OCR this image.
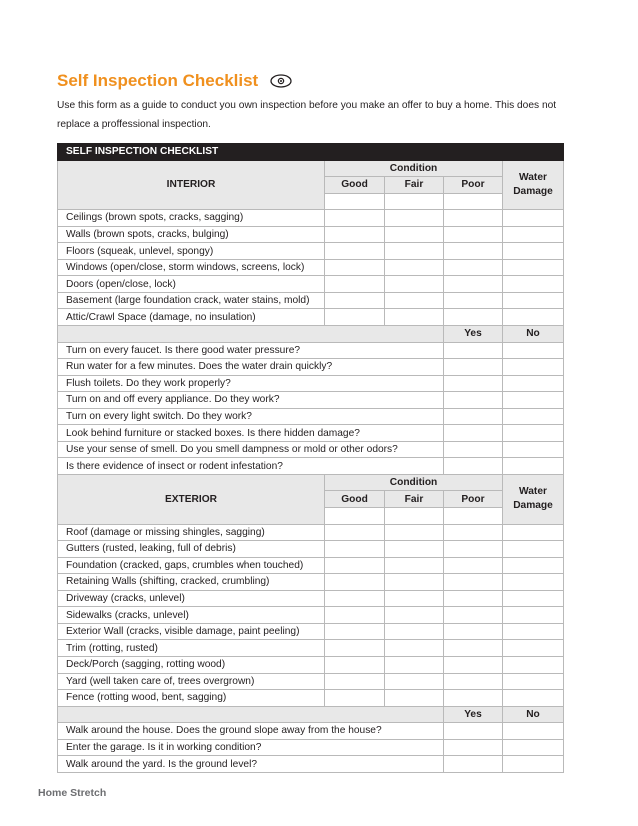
Self Inspection Checklist

Use this form as a guide to conduct you own inspection before you make an offer to buy a home. This does not replace a proffessional inspection.

SELF INSPECTION CHECKLIST				
INTERIOR	Condition			Water
Damage

	Good	Fair	Poor	

Ceilings (brown spots, cracks, sagging)				
Walls (brown spots, cracks, bulging)				
Floors (squeak, unlevel, spongy)				
Windows (open/close, storm windows, screens, lock)				
Doors (open/close, lock)				
Basement (large foundation crack, water stains, mold)				
Attic/Crawl Space (damage, no insulation)				
			Yes	No
Turn on every faucet. Is there good water pressure?				
Run water for a few minutes. Does the water drain quickly?				
Flush toilets. Do they work properly?				
Turn on and off every appliance. Do they work?				
Turn on every light switch. Do they work?				
Look behind furniture or stacked boxes. Is there hidden damage?				
Use your sense of smell. Do you smell dampness or mold or other odors?				
Is there evidence of insect or rodent infestation?				
EXTERIOR	Condition			Water
Damage

	Good	Fair	Poor	

Roof (damage or missing shingles, sagging)				
Gutters (rusted, leaking, full of debris)				
Foundation (cracked, gaps, crumbles when touched)				
Retaining Walls (shifting, cracked, crumbling)				
Driveway (cracks, unlevel)				
Sidewalks (cracks, unlevel)				
Exterior Wall (cracks, visible damage, paint peeling)				
Trim (rotting, rusted)				
Deck/Porch (sagging, rotting wood)				
Yard (well taken care of, trees overgrown)				
Fence (rotting wood, bent, sagging)				
			Yes	No
Walk around the house. Does the ground slope away from the house?				
Enter the garage. Is it in working condition?				
Walk around the yard. Is the ground level?				

Home Stretch
